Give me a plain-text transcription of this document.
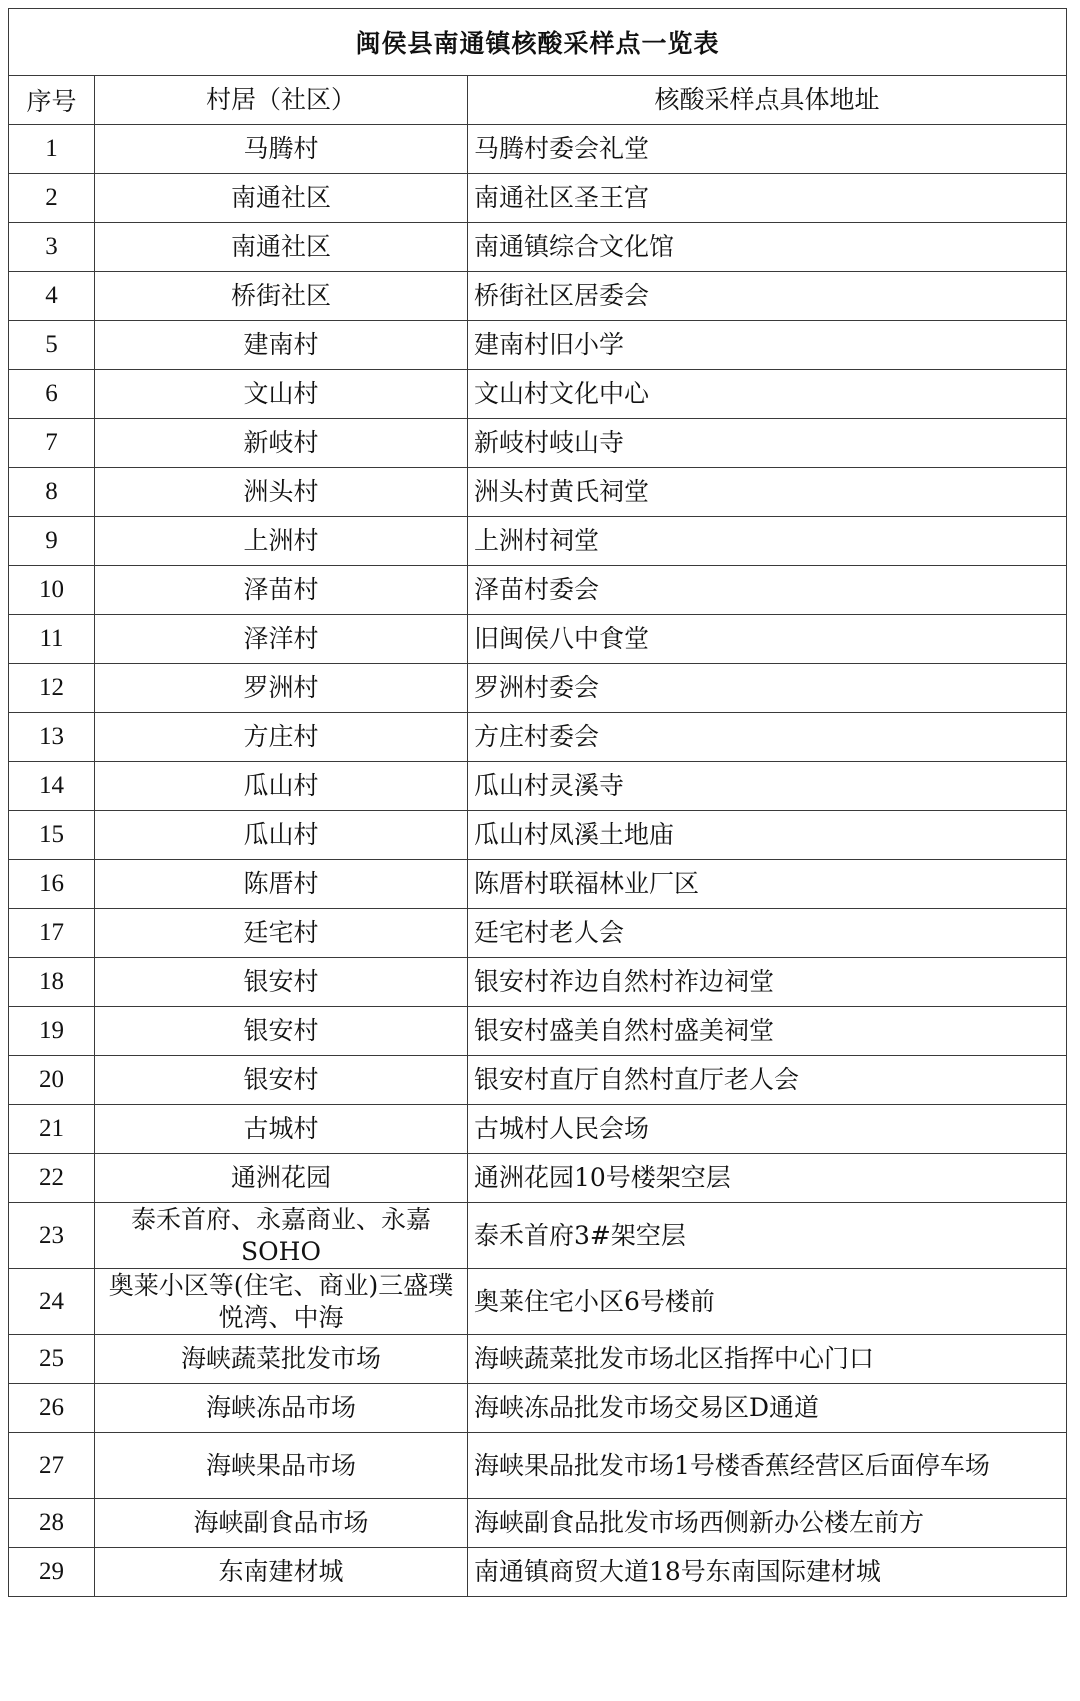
闽侯县南通镇核酸采样点一览表		
序号	村居（社区）	核酸采样点具体地址
1	马腾村	马腾村委会礼堂
2	南通社区	南通社区圣王宫
3	南通社区	南通镇综合文化馆
4	桥街社区	桥街社区居委会
5	建南村	建南村旧小学
6	文山村	文山村文化中心
7	新岐村	新岐村岐山寺
8	洲头村	洲头村黄氏祠堂
9	上洲村	上洲村祠堂
10	泽苗村	泽苗村委会
11	泽洋村	旧闽侯八中食堂
12	罗洲村	罗洲村委会
13	方庄村	方庄村委会
14	瓜山村	瓜山村灵溪寺
15	瓜山村	瓜山村凤溪土地庙
16	陈厝村	陈厝村联福林业厂区
17	廷宅村	廷宅村老人会
18	银安村	银安村祚边自然村祚边祠堂
19	银安村	银安村盛美自然村盛美祠堂
20	银安村	银安村直厅自然村直厅老人会
21	古城村	古城村人民会场
22	通洲花园	通洲花园10号楼架空层
23	泰禾首府、永嘉商业、永嘉SOHO	泰禾首府3#架空层
24	奥莱小区等(住宅、商业)三盛璞悦湾、中海	奥莱住宅小区6号楼前
25	海峡蔬菜批发市场	海峡蔬菜批发市场北区指挥中心门口
26	海峡冻品市场	海峡冻品批发市场交易区D通道
27	海峡果品市场	海峡果品批发市场1号楼香蕉经营区后面停车场
28	海峡副食品市场	海峡副食品批发市场西侧新办公楼左前方
29	东南建材城	南通镇商贸大道18号东南国际建材城
